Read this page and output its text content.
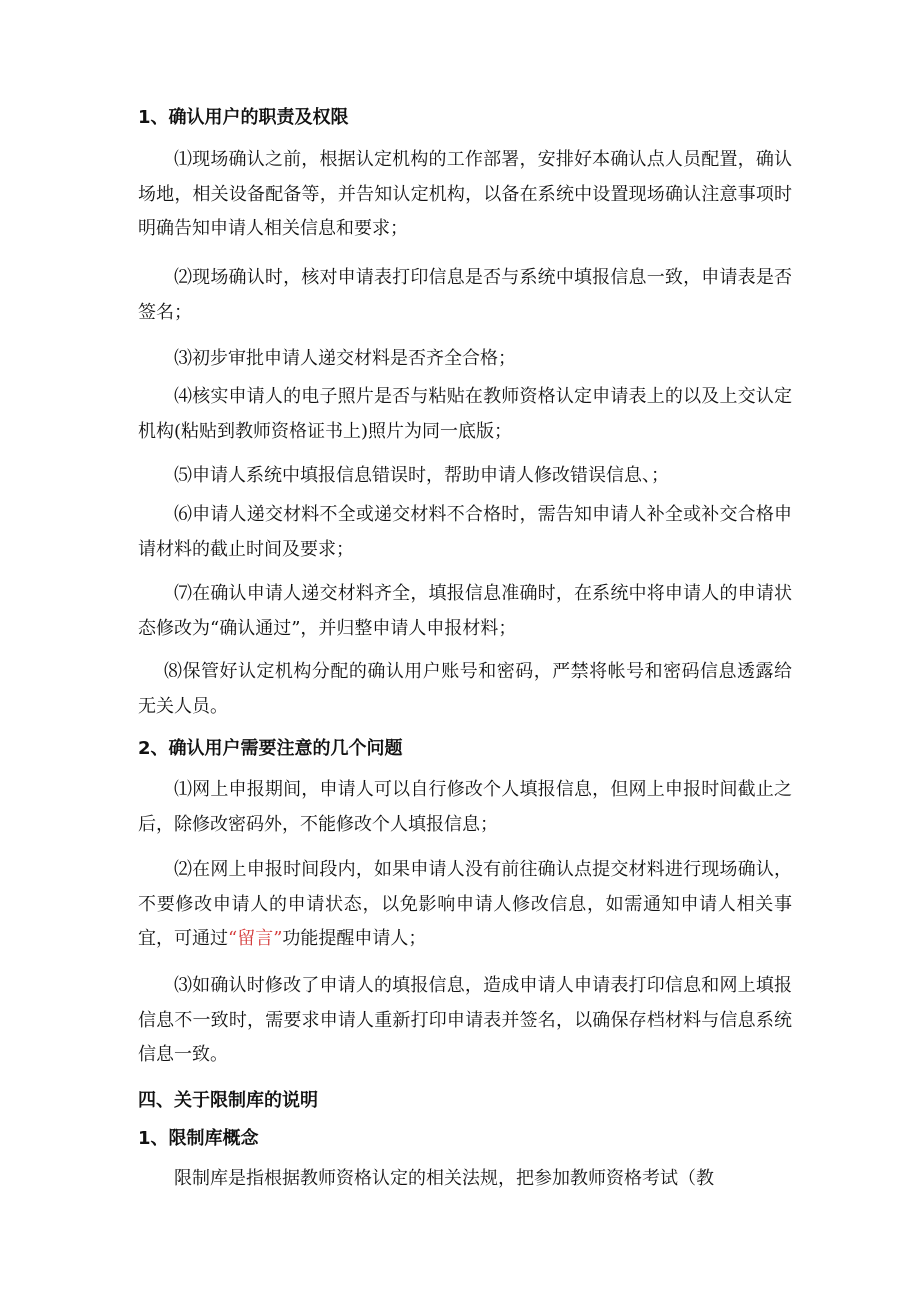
1、确认用户的职责及权限

⑴现场确认之前，根据认定机构的工作部署，安排好本确认点人员配置，确认场地，相关设备配备等，并告知认定机构，以备在系统中设置现场确认注意事项时明确告知申请人相关信息和要求；

⑵现场确认时，核对申请表打印信息是否与系统中填报信息一致，申请表是否签名；

⑶初步审批申请人递交材料是否齐全合格；

⑷核实申请人的电子照片是否与粘贴在教师资格认定申请表上的以及上交认定机构(粘贴到教师资格证书上)照片为同一底版；

⑸申请人系统中填报信息错误时，帮助申请人修改错误信息、；

⑹申请人递交材料不全或递交材料不合格时，需告知申请人补全或补交合格申请材料的截止时间及要求；

⑺在确认申请人递交材料齐全，填报信息准确时，在系统中将申请人的申请状态修改为“确认通过”，并归整申请人申报材料；

⑻保管好认定机构分配的确认用户账号和密码，严禁将帐号和密码信息透露给无关人员。

2、确认用户需要注意的几个问题

⑴网上申报期间，申请人可以自行修改个人填报信息，但网上申报时间截止之后，除修改密码外，不能修改个人填报信息；

⑵在网上申报时间段内，如果申请人没有前往确认点提交材料进行现场确认，不要修改申请人的申请状态，以免影响申请人修改信息，如需通知申请人相关事宜，可通过“留言”功能提醒申请人；

⑶如确认时修改了申请人的填报信息，造成申请人申请表打印信息和网上填报信息不一致时，需要求申请人重新打印申请表并签名，以确保存档材料与信息系统信息一致。

四、关于限制库的说明
1、限制库概念

限制库是指根据教师资格认定的相关法规，把参加教师资格考试（教
